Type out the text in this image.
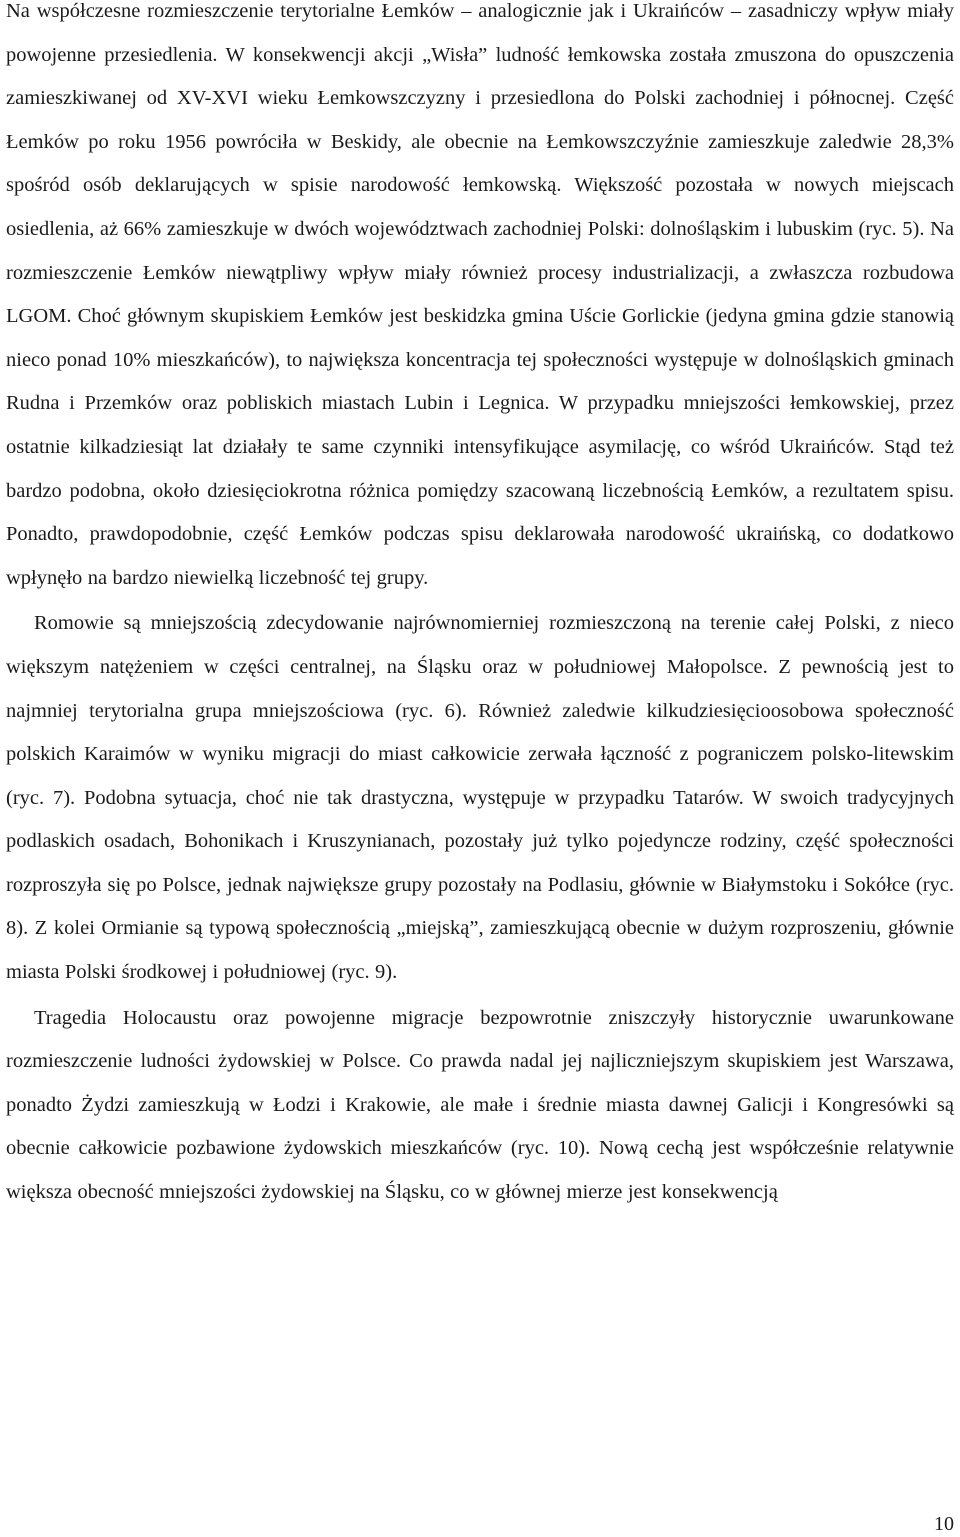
Na współczesne rozmieszczenie terytorialne Łemków – analogicznie jak i Ukraińców – zasadniczy wpływ miały powojenne przesiedlenia. W konsekwencji akcji „Wisła” ludność łemkowska została zmuszona do opuszczenia zamieszkiwanej od XV-XVI wieku Łemkowszczyzny i przesiedlona do Polski zachodniej i północnej. Część Łemków po roku 1956 powróciła w Beskidy, ale obecnie na Łemkowszczyźnie zamieszkuje zaledwie 28,3% spośród osób deklarujących w spisie narodowość łemkowską. Większość pozostała w nowych miejscach osiedlenia, aż 66% zamieszkuje w dwóch województwach zachodniej Polski: dolnośląskim i lubuskim (ryc. 5). Na rozmieszczenie Łemków niewątpliwy wpływ miały również procesy industrializacji, a zwłaszcza rozbudowa LGOM. Choć głównym skupiskiem Łemków jest beskidzka gmina Uście Gorlickie (jedyna gmina gdzie stanowią nieco ponad 10% mieszkańców), to największa koncentracja tej społeczności występuje w dolnośląskich gminach Rudna i Przemków oraz pobliskich miastach Lubin i Legnica. W przypadku mniejszości łemkowskiej, przez ostatnie kilkadziesiąt lat działały te same czynniki intensyfikujące asymilację, co wśród Ukraińców. Stąd też bardzo podobna, około dziesięciokrotna różnica pomiędzy szacowaną liczebnością Łemków, a rezultatem spisu. Ponadto, prawdopodobnie, część Łemków podczas spisu deklarowała narodowość ukraińską, co dodatkowo wpłynęło na bardzo niewielką liczebność tej grupy.

Romowie są mniejszością zdecydowanie najrównomierniej rozmieszczoną na terenie całej Polski, z nieco większym natężeniem w części centralnej, na Śląsku oraz w południowej Małopolsce. Z pewnością jest to najmniej terytorialna grupa mniejszościowa (ryc. 6). Również zaledwie kilkudziesięcioosobowa społeczność polskich Karaimów w wyniku migracji do miast całkowicie zerwała łączność z pograniczem polsko-litewskim (ryc. 7). Podobna sytuacja, choć nie tak drastyczna, występuje w przypadku Tatarów. W swoich tradycyjnych podlaskich osadach, Bohonikach i Kruszynianach, pozostały już tylko pojedyncze rodziny, część społeczności rozproszyła się po Polsce, jednak największe grupy pozostały na Podlasiu, głównie w Białymstoku i Sokółce (ryc. 8). Z kolei Ormianie są typową społecznością „miejską”, zamieszkującą obecnie w dużym rozproszeniu, głównie miasta Polski środkowej i południowej (ryc. 9).

Tragedia Holocaustu oraz powojenne migracje bezpowrotnie zniszczyły historycznie uwarunkowane rozmieszczenie ludności żydowskiej w Polsce. Co prawda nadal jej najliczniejszym skupiskiem jest Warszawa, ponadto Żydzi zamieszkują w Łodzi i Krakowie, ale małe i średnie miasta dawnej Galicji i Kongresówki są obecnie całkowicie pozbawione żydowskich mieszkańców (ryc. 10). Nową cechą jest współcześnie relatywnie większa obecność mniejszości żydowskiej na Śląsku, co w głównej mierze jest konsekwencją

10
